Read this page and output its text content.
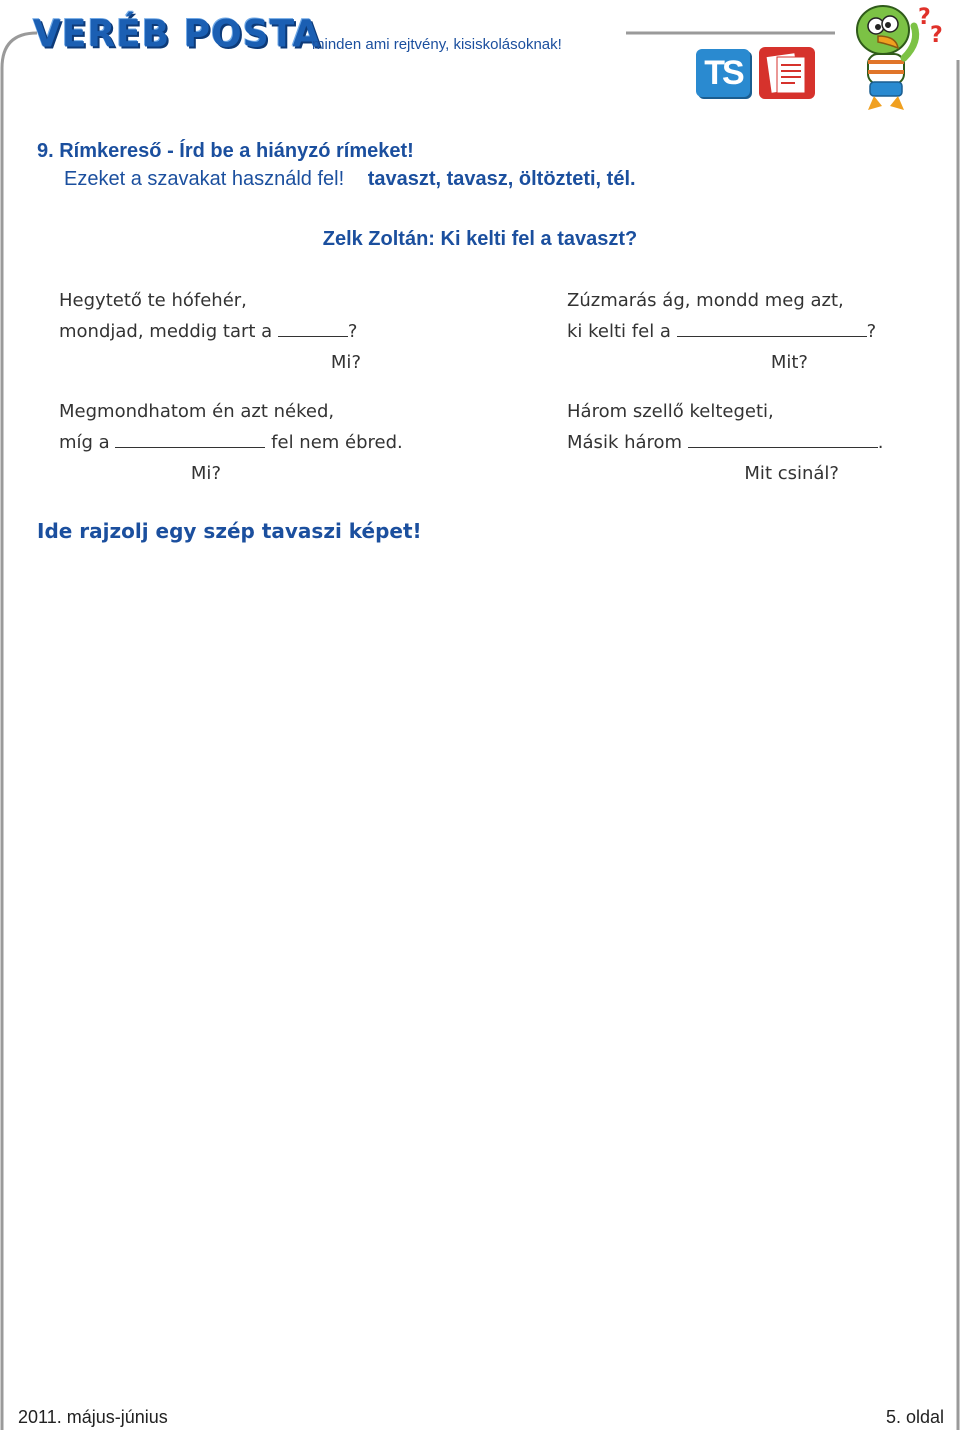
VERÉB POSTA
minden ami rejtvény, kisiskolásoknak!
TS
?
?
9. Rímkereső - Írd be a hiányzó rímeket!
Ezeket a szavakat használd fel! tavaszt, tavasz, öltözteti, tél.
Zelk Zoltán: Ki kelti fel a tavaszt?
Hegytető te hófehér,
mondjad, meddig tart a	?
Mi?
Zúzmarás ág, mondd meg azt,
ki kelti fel a	?
Mit?
Megmondhatom én azt néked,
míg a	fel nem ébred.
Mi?
Három szellő keltegeti,
Másik három	.
Mit csinál?
Ide rajzolj egy szép tavaszi képet!
2011. május-június	5. oldal
